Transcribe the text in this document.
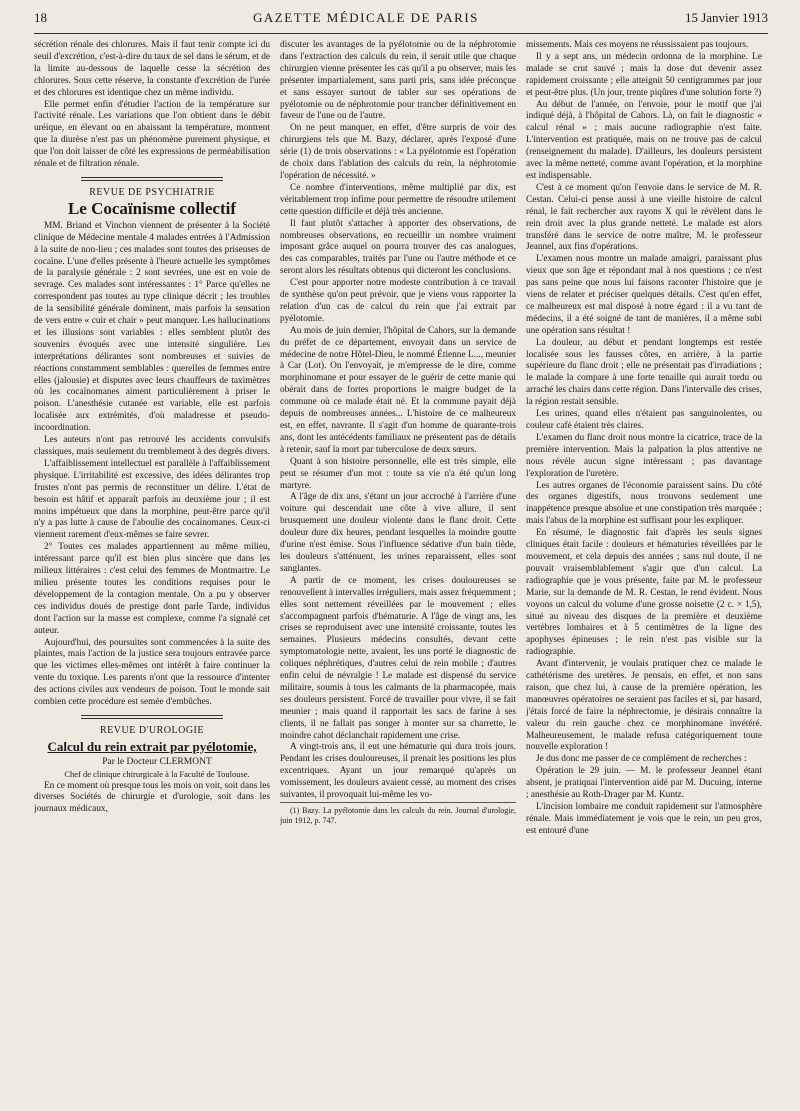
18	GAZETTE MÉDICALE DE PARIS	15 Janvier 1913

sécrétion rénale des chlorures. Mais il faut tenir compte ici du seuil d'excrétion, c'est-à-dire du taux de sel dans le sérum, et de la limite au-dessous de laquelle cesse la sécrétion des chlorures. Sous cette réserve, la constante d'excrétion de l'urée et des chlorures est identique chez un même individu.

Elle permet enfin d'étudier l'action de la température sur l'activité rénale. Les variations que l'on obtient dans le débit uréique, en élevant ou en abaissant la température, montrent que la diurèse n'est pas un phénomène purement physique, et que l'on doit laisser de côté les expressions de perméabilisation rénale et de filtration rénale.

REVUE DE PSYCHIATRIE
Le Cocaïnisme collectif

MM. Briand et Vinchon viennent de présenter à la Société clinique de Médecine mentale 4 malades entrées à l'Admission à la suite de non-lieu ; ces malades sont toutes des priseuses de cocaïne. L'une d'elles présente à l'heure actuelle les symptômes de la paralysie générale : 2 sont sevrées, une est en voie de sevrage. Ces malades sont intéressantes : 1° Parce qu'elles ne correspondent pas toutes au type clinique décrit ; les troubles de la sensibilité générale dominent, mais parfois la sensation de vers entre « cuir et chair » peut manquer. Les hallucinations et les illusions sont variables : elles semblent plutôt des souvenirs évoqués avec une intensité singulière. Les interprétations délirantes sont nombreuses et suivies de réactions constamment semblables : querelles de femmes entre elles (jalousie) et disputes avec leurs chauffeurs de taximètres où les cocaïnomanes aiment particulièrement à priser le poison. L'anesthésie cutanée est variable, elle est parfois localisée aux extrémités, d'où maladresse et pseudo-incoordination.

Les auteurs n'ont pas retrouvé les accidents convulsifs classiques, mais seulement du tremblement à des degrés divers.

L'affaiblissement intellectuel est parallèle à l'affaiblissement physique. L'irritabilité est excessive, des idées délirantes trop frustes n'ont pas permis de reconstituer un délire. L'état de besoin est hâtif et apparaît parfois au deuxième jour ; il est moins impétueux que dans la morphine, peut-être parce qu'il n'y a pas lutte à cause de l'aboulie des cocaïnomanes. Ceux-ci viennent rarement d'eux-mêmes se faire sevrer.

2° Toutes ces malades appartiennent au même milieu, intéressant parce qu'il est bien plus sincère que dans les milieux littéraires : c'est celui des femmes de Montmartre. Le milieu présente toutes les conditions requises pour le développement de la contagion mentale. On a pu y observer ces individus doués de prestige dont parle Tarde, individus dont l'action sur la masse est complexe, comme l'a signalé cet auteur.

Aujourd'hui, des poursuites sont commencées à la suite des plaintes, mais l'action de la justice sera toujours entravée parce que les victimes elles-mêmes ont intérêt à faire continuer la vente du toxique. Les parents n'ont que la ressource d'intenter des actions civiles aux vendeurs de poison. Tout le monde sait combien cette procédure est semée d'embûches.

REVUE D'UROLOGIE
Calcul du rein extrait par pyélotomie,

Par le Docteur CLERMONT

Chef de clinique chirurgicale à la Faculté de Toulouse.

En ce moment où presque tous les mois on voit, soit dans les diverses Sociétés de chirurgie et d'urologie, soit dans les journaux médicaux,

discuter les avantages de la pyélotomie ou de la néphrotomie dans l'extraction des calculs du rein, il serait utile que chaque chirurgien vienne présenter les cas qu'il a pu observer, mais les présenter impartialement, sans parti pris, sans idée préconçue et sans essayer surtout de tabler sur ses opérations de pyélotomie ou de néphrotomie pour trancher définitivement en faveur de l'une ou de l'autre.

On ne peut manquer, en effet, d'être surpris de voir des chirurgiens tels que M. Bazy, déclarer, après l'exposé d'une série (1) de trois observations : « La pyélotomie est l'opération de choix dans l'ablation des calculs du rein, la néphrotomie l'opération de nécessité. »

Ce nombre d'interventions, même multiplié par dix, est véritablement trop infime pour permettre de résoudre utilement cette question difficile et déjà très ancienne.

Il faut plutôt s'attacher à apporter des observations, de nombreuses observations, en recueillir un nombre vraiment imposant grâce auquel on pourra trouver des cas analogues, des cas comparables, traités par l'une ou l'autre méthode et ce seront alors les résultats obtenus qui dicteront les conclusions.

C'est pour apporter notre modeste contribution à ce travail de synthèse qu'on peut prévoir, que je viens vous rapporter la relation d'un cas de calcul du rein que j'ai extrait par pyélotomie.

Au mois de juin dernier, l'hôpital de Cahors, sur la demande du préfet de ce département, envoyait dans un service de médecine de notre Hôtel-Dieu, le nommé Étienne L..., meunier à Car (Lot). On l'envoyait, je m'empresse de le dire, comme morphinomane et pour essayer de le guérir de cette manie qui obérait dans de fortes proportions le maigre budget de la commune où ce malade était né. Et la commune payait déjà depuis de nombreuses années... L'histoire de ce malheureux est, en effet, navrante. Il s'agit d'un homme de quarante-trois ans, dont les antécédents familiaux ne présentent pas de détails à retenir, sauf la mort par tuberculose de deux sœurs.

Quant à son histoire personnelle, elle est très simple, elle peut se résumer d'un mot : toute sa vie n'a été qu'un long martyre.

A l'âge de dix ans, s'étant un jour accroché à l'arrière d'une voiture qui descendait une côte à vive allure, il sent brusquement une douleur violente dans le flanc droit. Cette douleur dure dix heures, pendant lesquelles la moindre goutte d'urine n'est émise. Sous l'influence sédative d'un bain tiède, les douleurs s'atténuent, les urines reparaissent, elles sont sanglantes.

A partir de ce moment, les crises douloureuses se renouvellent à intervalles irréguliers, mais assez fréquemment ; elles sont nettement réveillées par le mouvement ; elles s'accompagnent parfois d'hématurie. A l'âge de vingt ans, les crises se reproduisent avec une intensité croissante, toutes les semaines. Plusieurs médecins consultés, devant cette symptomatologie nette, avaient, les uns porté le diagnostic de coliques néphrétiques, d'autres celui de rein mobile ; d'autres enfin celui de névralgie ! Le malade est dispensé du service militaire, soumis à tous les calmants de la pharmacopée, mais ses douleurs persistent. Forcé de travailler pour vivre, il se fait meunier ; mais quand il rapportait les sacs de farine à ses clients, il ne fallait pas songer à monter sur sa charrette, le moindre cahot déclanchait rapidement une crise.

A vingt-trois ans, il eut une hématurie qui dura trois jours. Pendant les crises douloureuses, il prenait les positions les plus excentriques. Ayant un jour remarqué qu'après un vomissement, les douleurs avaient cessé, au moment des crises suivantes, il provoquait lui-même les vo-

(1) Bazy. La pyélotomie dans les calculs du rein. Journal d'urologie, juin 1912, p. 747.

missements. Mais ces moyens ne réussissaient pas toujours.

Il y a sept ans, un médecin ordonna de la morphine. Le malade se crut sauvé ; mais la dose dut devenir assez rapidement croissante ; elle atteignit 50 centigrammes par jour et peut-être plus. (Un jour, trente piqûres d'une solution forte ?)

Au début de l'année, on l'envoie, pour le motif que j'ai indiqué déjà, à l'hôpital de Cahors. Là, on fait le diagnostic « calcul rénal » ; mais aucune radiographie n'est faite. L'intervention est pratiquée, mais on ne trouve pas de calcul (renseignement du malade). D'ailleurs, les douleurs persistent avec la même netteté, comme avant l'opération, et la morphine est indispensable.

C'est à ce moment qu'on l'envoie dans le service de M. R. Cestan. Celui-ci pense aussi à une vieille histoire de calcul rénal, le fait rechercher aux rayons X qui le révèlent dans le rein droit avec la plus grande netteté. Le malade est alors transféré dans le service de notre maître, M. le professeur Jeannel, aux fins d'opérations.

L'examen nous montre un malade amaigri, paraissant plus vieux que son âge et répondant mal à nos questions ; ce n'est pas sans peine que nous lui faisons raconter l'histoire que je viens de relater et préciser quelques détails. C'est qu'en effet, ce malheureux est mal disposé à notre égard : il a vu tant de médecins, il a été soigné de tant de manières, il a même subi une opération sans résultat !

La douleur, au début et pendant longtemps est restée localisée sous les fausses côtes, en arrière, à la partie supérieure du flanc droit ; elle ne présentait pas d'irradiations ; le malade la compare à une forte tenaille qui aurait tordu ou arraché les chairs dans cette région. Dans l'intervalle des crises, la région restait sensible.

Les urines, quand elles n'étaient pas sanguinolentes, ou couleur café étaient très claires.

L'examen du flanc droit nous montre la cicatrice, trace de la première intervention. Mais la palpation la plus attentive ne nous révèle aucun signe intéressant ; pas davantage l'exploration de l'uretère.

Les autres organes de l'économie paraissent sains. Du côté des organes digestifs, nous trouvons seulement une inappétence presque absolue et une constipation très marquée ; mais l'abus de la morphine est suffisant pour les expliquer.

En résumé, le diagnostic fait d'après les seuls signes cliniques était facile : douleurs et hématuries réveillées par le mouvement, et cela depuis des années ; sans nul doute, il ne pouvait vraisemblablement s'agir que d'un calcul. La radiographie que je vous présente, faite par M. le professeur Marie, sur la demande de M. R. Cestan, le rend évident. Nous voyons un calcul du volume d'une grosse noisette (2 c. × 1,5), situé au niveau des disques de la première et deuxième vertèbres lombaires et à 5 centimètres de la ligne des apophyses épineuses ; le rein n'est pas visible sur la radiographie.

Avant d'intervenir, je voulais pratiquer chez ce malade le cathétérisme des uretères. Je pensais, en effet, et non sans raison, que chez lui, à cause de la première opération, les manœuvres opératoires ne seraient pas faciles et si, par hasard, j'étais forcé de faire la néphrectomie, je désirais connaître la valeur du rein gauche chez ce morphinomane invétéré. Malheureusement, le malade refusa catégoriquement toute nouvelle exploration !

Je dus donc me passer de ce complément de recherches :

Opération le 29 juin. — M. le professeur Jeannel étant absent, je pratiquai l'intervention aidé par M. Ducuing, interne ; anesthésie au Roth-Drager par M. Kuntz.

L'incision lombaire me conduit rapidement sur l'atmosphère rénale. Mais immédiatement je vois que le rein, un peu gros, est entouré d'une
